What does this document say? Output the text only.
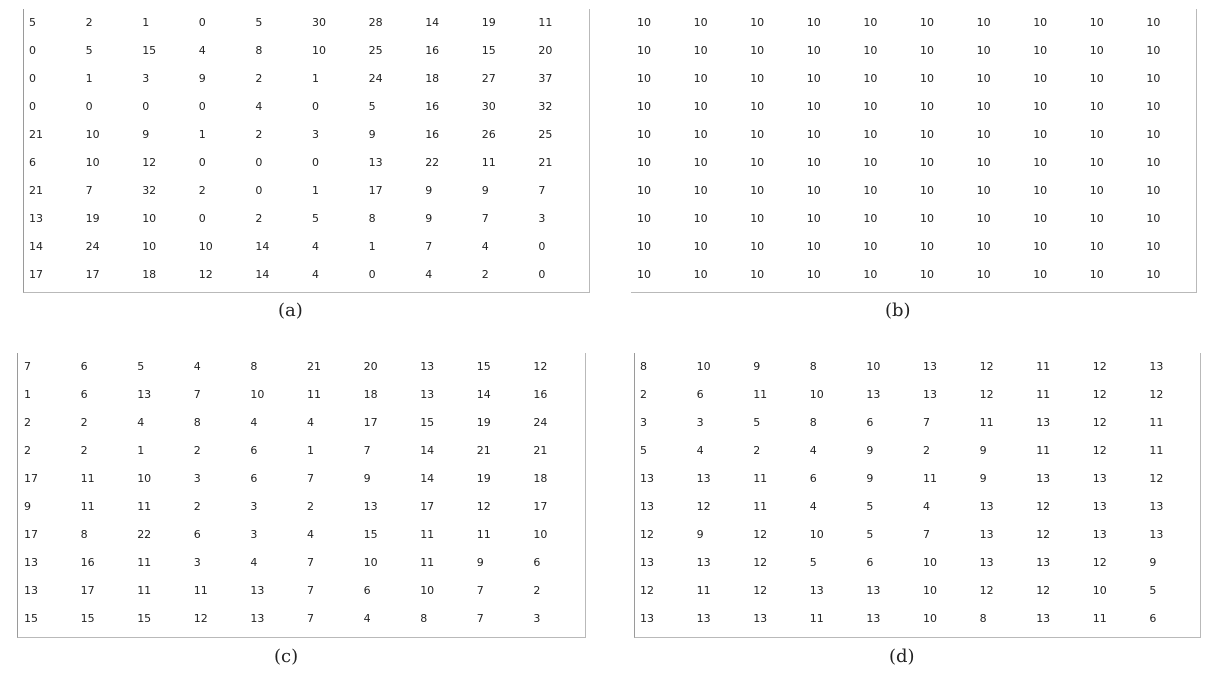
5	2	1	0	5	30	28	14	19	11
0	5	15	4	8	10	25	16	15	20
0	1	3	9	2	1	24	18	27	37
0	0	0	0	4	0	5	16	30	32
21	10	9	1	2	3	9	16	26	25
6	10	12	0	0	0	13	22	11	21
21	7	32	2	0	1	17	9	9	7
13	19	10	0	2	5	8	9	7	3
14	24	10	10	14	4	1	7	4	0
17	17	18	12	14	4	0	4	2	0
(a)
10	10	10	10	10	10	10	10	10	10
10	10	10	10	10	10	10	10	10	10
10	10	10	10	10	10	10	10	10	10
10	10	10	10	10	10	10	10	10	10
10	10	10	10	10	10	10	10	10	10
10	10	10	10	10	10	10	10	10	10
10	10	10	10	10	10	10	10	10	10
10	10	10	10	10	10	10	10	10	10
10	10	10	10	10	10	10	10	10	10
10	10	10	10	10	10	10	10	10	10
(b)
7	6	5	4	8	21	20	13	15	12
1	6	13	7	10	11	18	13	14	16
2	2	4	8	4	4	17	15	19	24
2	2	1	2	6	1	7	14	21	21
17	11	10	3	6	7	9	14	19	18
9	11	11	2	3	2	13	17	12	17
17	8	22	6	3	4	15	11	11	10
13	16	11	3	4	7	10	11	9	6
13	17	11	11	13	7	6	10	7	2
15	15	15	12	13	7	4	8	7	3
(c)
8	10	9	8	10	13	12	11	12	13
2	6	11	10	13	13	12	11	12	12
3	3	5	8	6	7	11	13	12	11
5	4	2	4	9	2	9	11	12	11
13	13	11	6	9	11	9	13	13	12
13	12	11	4	5	4	13	12	13	13
12	9	12	10	5	7	13	12	13	13
13	13	12	5	6	10	13	13	12	9
12	11	12	13	13	10	12	12	10	5
13	13	13	11	13	10	8	13	11	6
(d)
